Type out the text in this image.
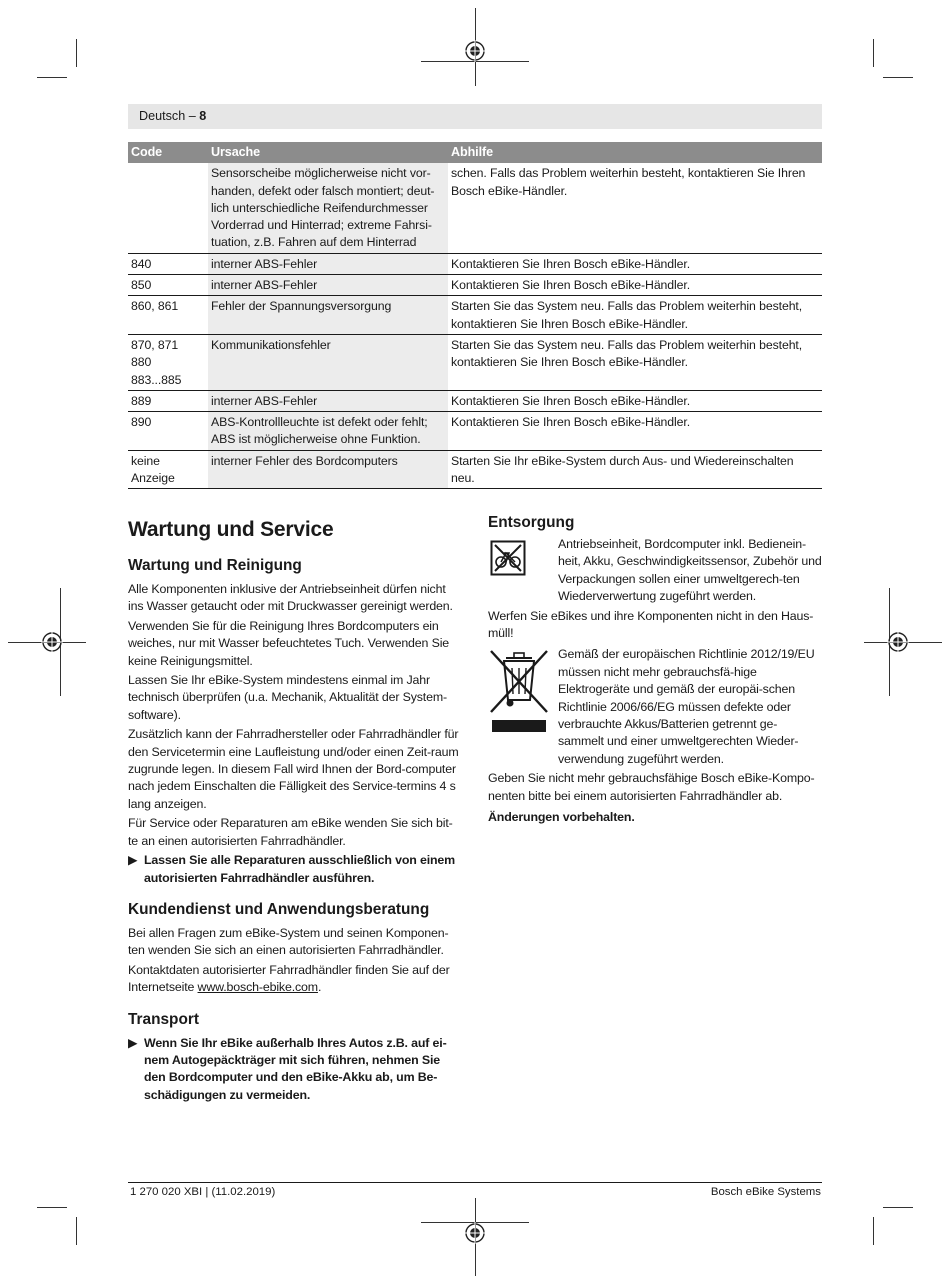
Deutsch – 8
Code	Ursache	Abhilfe
	Sensorscheibe möglicherweise nicht vor-handen, defekt oder falsch montiert; deut-lich unterschiedliche Reifendurchmesser Vorderrad und Hinterrad; extreme Fahrsi-tuation, z.B. Fahren auf dem Hinterrad	schen. Falls das Problem weiterhin besteht, kontaktieren Sie Ihren Bosch eBike-Händler.
840	interner ABS-Fehler	Kontaktieren Sie Ihren Bosch eBike-Händler.
850	interner ABS-Fehler	Kontaktieren Sie Ihren Bosch eBike-Händler.
860, 861	Fehler der Spannungsversorgung	Starten Sie das System neu. Falls das Problem weiterhin besteht, kontaktieren Sie Ihren Bosch eBike-Händler.
870, 871
880
883...885	Kommunikationsfehler	Starten Sie das System neu. Falls das Problem weiterhin besteht, kontaktieren Sie Ihren Bosch eBike-Händler.
889	interner ABS-Fehler	Kontaktieren Sie Ihren Bosch eBike-Händler.
890	ABS-Kontrollleuchte ist defekt oder fehlt; ABS ist möglicherweise ohne Funktion.	Kontaktieren Sie Ihren Bosch eBike-Händler.
keine
Anzeige	interner Fehler des Bordcomputers	Starten Sie Ihr eBike-System durch Aus- und Wiedereinschalten neu.
Wartung und Service
Wartung und Reinigung

Alle Komponenten inklusive der Antriebseinheit dürfen nicht ins Wasser getaucht oder mit Druckwasser gereinigt werden.

Verwenden Sie für die Reinigung Ihres Bordcomputers ein weiches, nur mit Wasser befeuchtetes Tuch. Verwenden Sie keine Reinigungsmittel.

Lassen Sie Ihr eBike-System mindestens einmal im Jahr technisch überprüfen (u.a. Mechanik, Aktualität der System-software).

Zusätzlich kann der Fahrradhersteller oder Fahrradhändler für den Servicetermin eine Laufleistung und/oder einen Zeit-raum zugrunde legen. In diesem Fall wird Ihnen der Bord-computer nach jedem Einschalten die Fälligkeit des Service-termins 4 s lang anzeigen.

Für Service oder Reparaturen am eBike wenden Sie sich bit-te an einen autorisierten Fahrradhändler.

▶ Lassen Sie alle Reparaturen ausschließlich von einem autorisierten Fahrradhändler ausführen.

Kundendienst und Anwendungsberatung

Bei allen Fragen zum eBike-System und seinen Komponen-ten wenden Sie sich an einen autorisierten Fahrradhändler.

Kontaktdaten autorisierter Fahrradhändler finden Sie auf der Internetseite www.bosch-ebike.com.

Transport

▶ Wenn Sie Ihr eBike außerhalb Ihres Autos z.B. auf ei-nem Autogepäckträger mit sich führen, nehmen Sie den Bordcomputer und den eBike-Akku ab, um Be-schädigungen zu vermeiden.

Entsorgung

Antriebseinheit, Bordcomputer inkl. Bedienein-heit, Akku, Geschwindigkeitssensor, Zubehör und Verpackungen sollen einer umweltgerech-ten Wiederverwertung zugeführt werden.

Werfen Sie eBikes und ihre Komponenten nicht in den Haus-müll!

Gemäß der europäischen Richtlinie 2012/19/EU müssen nicht mehr gebrauchsfä-hige Elektrogeräte und gemäß der europäi-schen Richtlinie 2006/66/EG müssen defekte oder verbrauchte Akkus/Batterien getrennt ge-sammelt und einer umweltgerechten Wieder-verwendung zugeführt werden.

Geben Sie nicht mehr gebrauchsfähige Bosch eBike-Kompo-nenten bitte bei einem autorisierten Fahrradhändler ab.

Änderungen vorbehalten.

1 270 020 XBI | (11.02.2019)	Bosch eBike Systems
